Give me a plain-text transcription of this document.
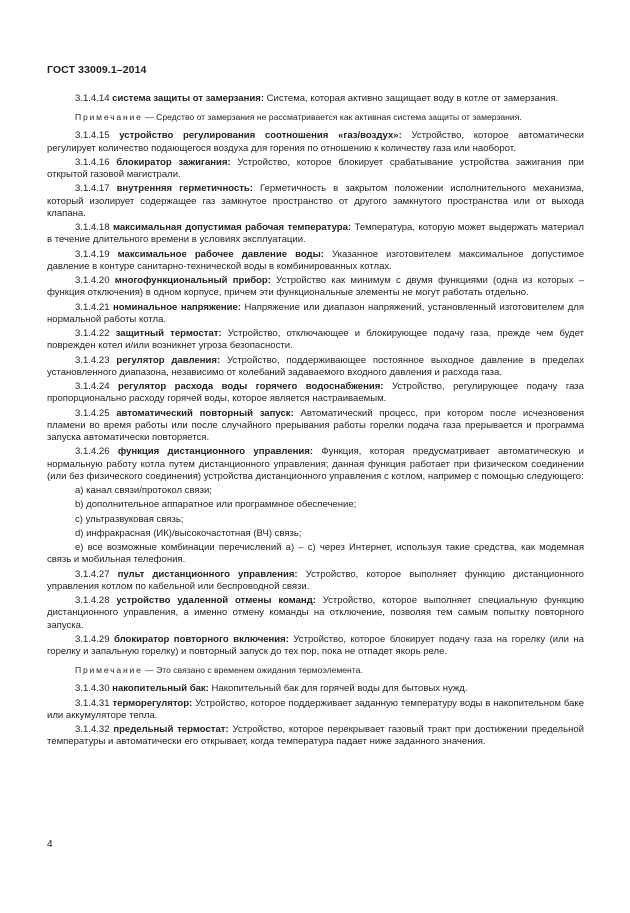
ГОСТ 33009.1–2014
3.1.4.14 система защиты от замерзания: Система, которая активно защищает воду в котле от замерзания.
Примечание — Средство от замерзания не рассматривается как активная система защиты от замерзания.
3.1.4.15 устройство регулирования соотношения «газ/воздух»: Устройство, которое автоматически регулирует количество подающегося воздуха для горения по отношению к количеству газа или наоборот.
3.1.4.16 блокиратор зажигания: Устройство, которое блокирует срабатывание устройства зажигания при открытой газовой магистрали.
3.1.4.17 внутренняя герметичность: Герметичность в закрытом положении исполнительного механизма, который изолирует содержащее газ замкнутое пространство от другого замкнутого пространства или от выхода клапана.
3.1.4.18 максимальная допустимая рабочая температура: Температура, которую может выдержать материал в течение длительного времени в условиях эксплуатации.
3.1.4.19 максимальное рабочее давление воды: Указанное изготовителем максимальное допустимое давление в контуре санитарно-технической воды в комбинированных котлах.
3.1.4.20 многофункциональный прибор: Устройство как минимум с двумя функциями (одна из которых – функция отключения) в одном корпусе, причем эти функциональные элементы не могут работать отдельно.
3.1.4.21 номинальное напряжение: Напряжение или диапазон напряжений, установленный изготовителем для нормальной работы котла.
3.1.4.22 защитный термостат: Устройство, отключающее и блокирующее подачу газа, прежде чем будет поврежден котел и/или возникнет угроза безопасности.
3.1.4.23 регулятор давления: Устройство, поддерживающее постоянное выходное давление в пределах установленного диапазона, независимо от колебаний задаваемого входного давления и расхода газа.
3.1.4.24 регулятор расхода воды горячего водоснабжения: Устройство, регулирующее подачу газа пропорционально расходу горячей воды, которое является настраиваемым.
3.1.4.25 автоматический повторный запуск: Автоматический процесс, при котором после исчезновения пламени во время работы или после случайного прерывания работы горелки подача газа прерывается и программа запуска автоматически повторяется.
3.1.4.26 функция дистанционного управления: Функция, которая предусматривает автоматическую и нормальную работу котла путем дистанционного управления; данная функция работает при физическом соединении (или без физического соединения) устройства дистанционного управления с котлом, например с помощью следующего:
а) канал связи/протокол связи;
b) дополнительное аппаратное или программное обеспечение;
c) ультразвуковая связь;
d) инфракрасная (ИК)/высокочастотная (ВЧ) связь;
e) все возможные комбинации перечислений а) – с) через Интернет, используя такие средства, как модемная связь и мобильная телефония.
3.1.4.27 пульт дистанционного управления: Устройство, которое выполняет функцию дистанционного управления котлом по кабельной или беспроводной связи.
3.1.4.28 устройство удаленной отмены команд: Устройство, которое выполняет специальную функцию дистанционного управления, а именно отмену команды на отключение, позволяя тем самым попытку повторного запуска.
3.1.4.29 блокиратор повторного включения: Устройство, которое блокирует подачу газа на горелку (или на горелку и запальную горелку) и повторный запуск до тех пор, пока не отпадет якорь реле.
Примечание — Это связано с временем ожидания термоэлемента.
3.1.4.30 накопительный бак: Накопительный бак для горячей воды для бытовых нужд.
3.1.4.31 терморегулятор: Устройство, которое поддерживает заданную температуру воды в накопительном баке или аккумуляторе тепла.
3.1.4.32 предельный термостат: Устройство, которое перекрывает газовый тракт при достижении предельной температуры и автоматически его открывает, когда температура падает ниже заданного значения.
4
